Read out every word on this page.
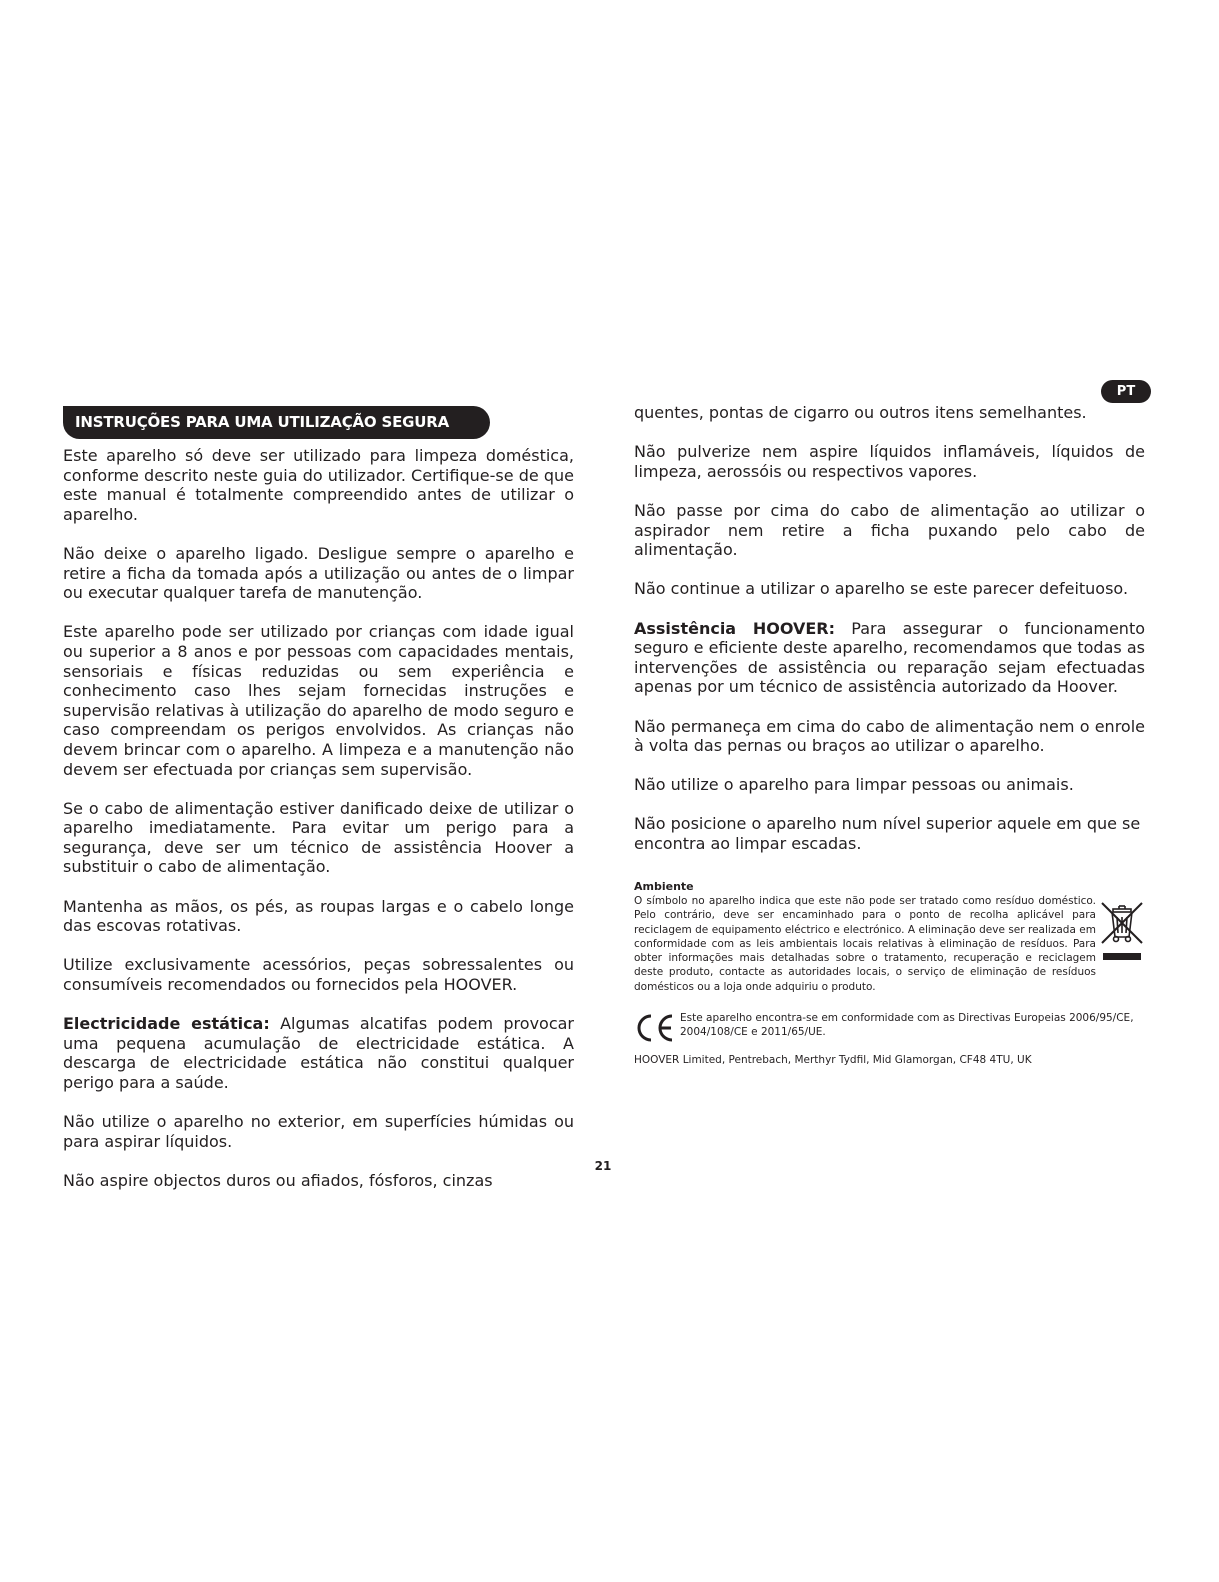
PT
INSTRUÇÕES PARA UMA UTILIZAÇÃO SEGURA

Este aparelho só deve ser utilizado para limpeza doméstica, conforme descrito neste guia do utilizador. Certifique-se de que este manual é totalmente compreendido antes de utilizar o aparelho.

Não deixe o aparelho ligado. Desligue sempre o aparelho e retire a ficha da tomada após a utilização ou antes de o limpar ou executar qualquer tarefa de manutenção.

Este aparelho pode ser utilizado por crianças com idade igual ou superior a 8 anos e por pessoas com capacidades mentais, sensoriais e físicas reduzidas ou sem experiência e conhecimento caso lhes sejam fornecidas instruções e supervisão relativas à utilização do aparelho de modo seguro e caso compreendam os perigos envolvidos. As crianças não devem brincar com o aparelho. A limpeza e a manutenção não devem ser efectuada por crianças sem supervisão.

Se o cabo de alimentação estiver danificado deixe de utilizar o aparelho imediatamente. Para evitar um perigo para a segurança, deve ser um técnico de assistência Hoover a substituir o cabo de alimentação.

Mantenha as mãos, os pés, as roupas largas e o cabelo longe das escovas rotativas.

Utilize exclusivamente acessórios, peças sobressalentes ou consumíveis recomendados ou fornecidos pela HOOVER.

Electricidade estática: Algumas alcatifas podem provocar uma pequena acumulação de electricidade estática. A descarga de electricidade estática não constitui qualquer perigo para a saúde.

Não utilize o aparelho no exterior, em superfícies húmidas ou para aspirar líquidos.

Não aspire objectos duros ou afiados, fósforos, cinzas

quentes, pontas de cigarro ou outros itens semelhantes.

Não pulverize nem aspire líquidos inflamáveis, líquidos de limpeza, aerossóis ou respectivos vapores.

Não passe por cima do cabo de alimentação ao utilizar o aspirador nem retire a ficha puxando pelo cabo de alimentação.

Não continue a utilizar o aparelho se este parecer defeituoso.

Assistência HOOVER: Para assegurar o funcionamento seguro e eficiente deste aparelho, recomendamos que todas as intervenções de assistência ou reparação sejam efectuadas apenas por um técnico de assistência autorizado da Hoover.

Não permaneça em cima do cabo de alimentação nem o enrole à volta das pernas ou braços ao utilizar o aparelho.

Não utilize o aparelho para limpar pessoas ou animais.

Não posicione o aparelho num nível superior aquele em que se encontra ao limpar escadas.

Ambiente

O símbolo no aparelho indica que este não pode ser tratado como resíduo doméstico. Pelo contrário, deve ser encaminhado para o ponto de recolha aplicável para reciclagem de equipamento eléctrico e electrónico. A eliminação deve ser realizada em conformidade com as leis ambientais locais relativas à eliminação de resíduos. Para obter informações mais detalhadas sobre o tratamento, recuperação e reciclagem deste produto, contacte as autoridades locais, o serviço de eliminação de resíduos domésticos ou a loja onde adquiriu o produto.

Este aparelho encontra-se em conformidade com as Directivas Europeias 2006/95/CE, 2004/108/CE e 2011/65/UE.
HOOVER Limited, Pentrebach, Merthyr Tydfil, Mid Glamorgan, CF48 4TU, UK
21
